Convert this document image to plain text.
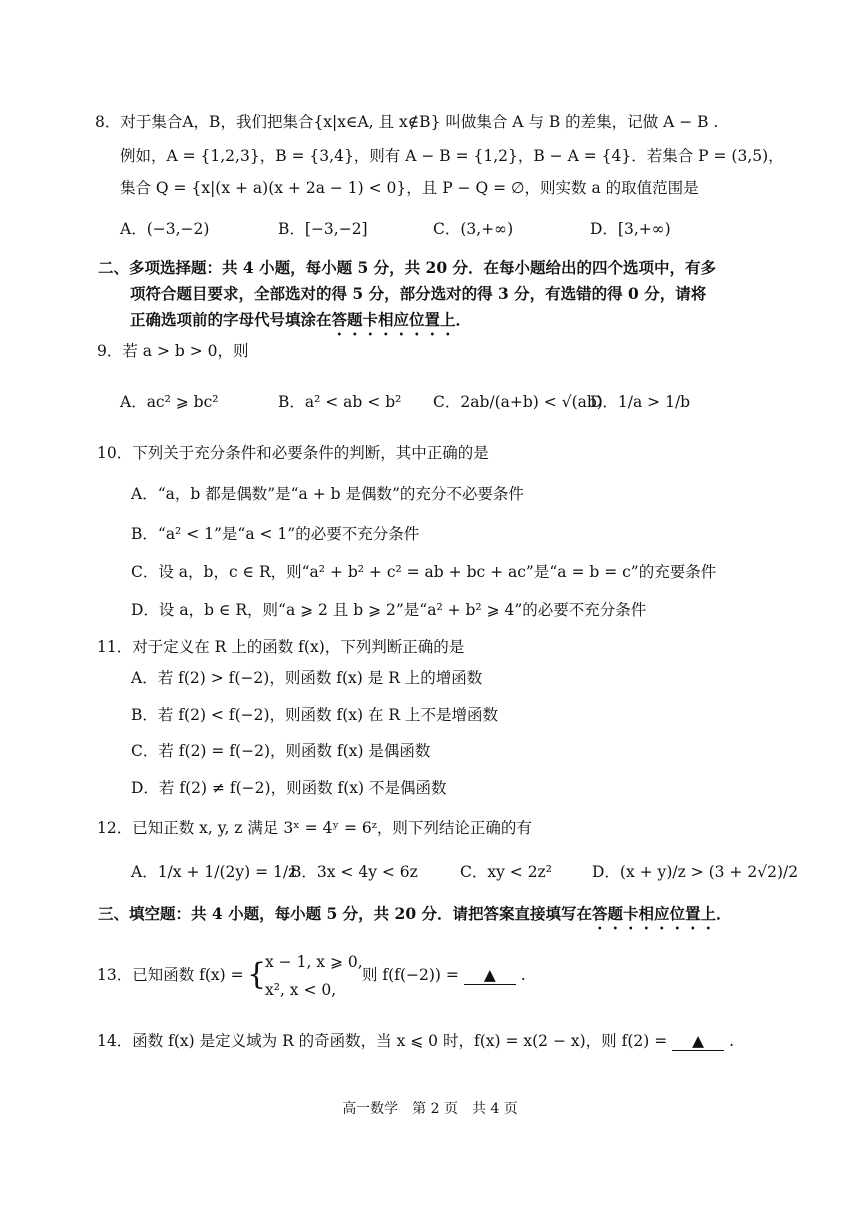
8．对于集合A，B，我们把集合{x|x∈A, 且 x∉B} 叫做集合 A 与 B 的差集，记做 A − B .
例如，A = {1,2,3}，B = {3,4}，则有 A − B = {1,2}，B − A = {4}．若集合 P = (3,5)，
集合 Q = {x|(x + a)(x + 2a − 1) < 0}，且 P − Q = ∅，则实数 a 的取值范围是
A．(−3,−2)	B．[−3,−2]	C．(3,+∞)	D．[3,+∞)
二、多项选择题：共 4 小题，每小题 5 分，共 20 分．在每小题给出的四个选项中，有多
项符合题目要求，全部选对的得 5 分，部分选对的得 3 分，有选错的得 0 分，请将
正确选项前的字母代号填涂在答题卡相应位置上．
9．若 a > b > 0，则
A．ac² ⩾ bc²	B．a² < ab < b² C．2ab/(a+b) < √(ab)
D．1/a > 1/b
10．下列关于充分条件和必要条件的判断，其中正确的是
A．“a，b 都是偶数”是“a + b 是偶数”的充分不必要条件
B．“a² < 1”是“a < 1”的必要不充分条件
C．设 a，b，c ∈ R，则“a² + b² + c² = ab + bc + ac”是“a = b = c”的充要条件
D．设 a，b ∈ R，则“a ⩾ 2 且 b ⩾ 2”是“a² + b² ⩾ 4”的必要不充分条件
11．对于定义在 R 上的函数 f(x)，下列判断正确的是
A．若 f(2) > f(−2)，则函数 f(x) 是 R 上的增函数
B．若 f(2) < f(−2)，则函数 f(x) 在 R 上不是增函数
C．若 f(2) = f(−2)，则函数 f(x) 是偶函数
D．若 f(2) ≠ f(−2)，则函数 f(x) 不是偶函数
12．已知正数 x, y, z 满足 3ˣ = 4ʸ = 6ᶻ，则下列结论正确的有
A．1/x + 1/(2y) = 1/z
B．3x < 4y < 6z	C．xy < 2z²	D．(x + y)/z > (3 + 2√2)/2
三、填空题：共 4 小题，每小题 5 分，共 20 分．请把答案直接填写在答题卡相应位置上．
13．已知函数 f(x) = {
x − 1, x ⩾ 0,
x², x < 0,
则 f(f(−2)) = ▲ .
14．函数 f(x) 是定义域为 R 的奇函数，当 x ⩽ 0 时，f(x) = x(2 − x)，则 f(2) = ▲ .
高一数学　第 2 页　共 4 页
